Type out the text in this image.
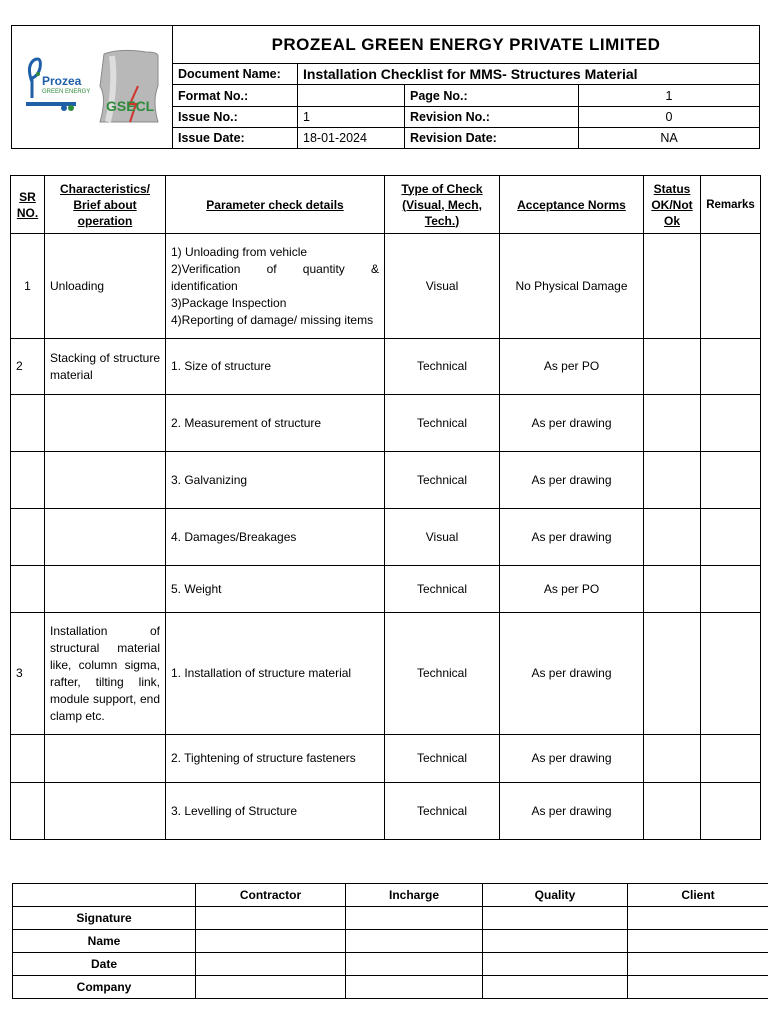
Prozea
GREEN ENERGY
GSECL	PROZEAL GREEN ENERGY PRIVATE LIMITED			
	Document Name:	Installation Checklist for MMS- Structures Material		
	Format No.:		Page No.:	1
	Issue No.:	1	Revision No.:	0
	Issue Date:	18-01-2024	Revision Date:	NA
SR
NO.	Characteristics/
Brief about
operation	Parameter check details	Type of Check
(Visual, Mech,
Tech.)	Acceptance Norms	Status
OK/Not
Ok	Remarks
1	Unloading	1) Unloading from vehicle

2)Verification of quantity & identification
3)Package Inspection
4)Reporting of damage/ missing items	Visual	No Physical Damage		
2	Stacking of structure material	1. Size of structure	Technical	As per PO		
		2. Measurement of structure	Technical	As per drawing		
		3. Galvanizing	Technical	As per drawing		
		4. Damages/Breakages	Visual	As per drawing		
		5. Weight	Technical	As per PO		
3	Installation of structural material like, column sigma, rafter, tilting link, module support, end clamp etc.	1. Installation of structure material	Technical	As per drawing		
		2. Tightening of structure fasteners	Technical	As per drawing		
		3. Levelling of Structure	Technical	As per drawing		
	Contractor	Incharge	Quality	Client
Signature				
Name				
Date				
Company				
